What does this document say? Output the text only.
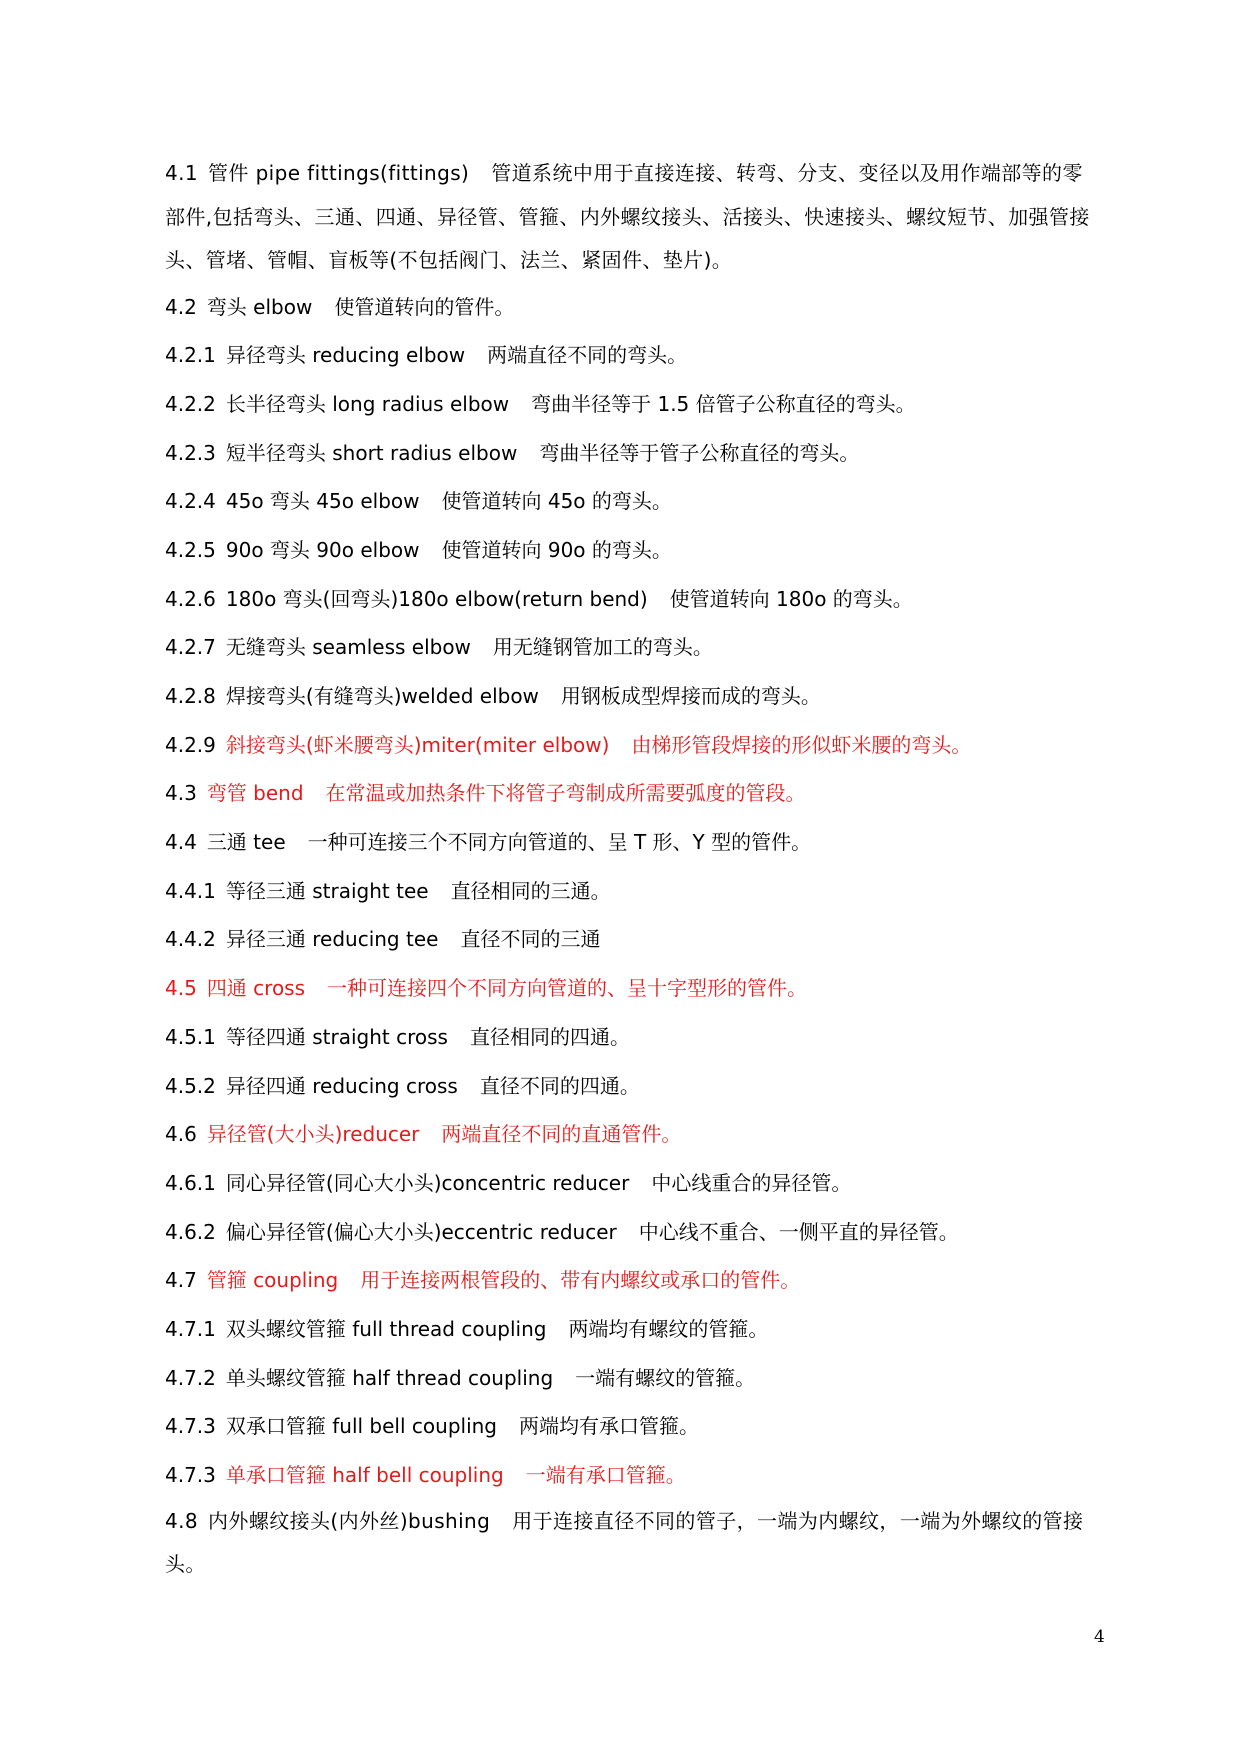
4.1 管件 pipe fittings(fittings) 管道系统中用于直接连接、转弯、分支、变径以及用作端部等的零部件,包括弯头、三通、四通、异径管、管箍、内外螺纹接头、活接头、快速接头、螺纹短节、加强管接头、管堵、管帽、盲板等(不包括阀门、法兰、紧固件、垫片)。
4.2 弯头 elbow 使管道转向的管件。
4.2.1 异径弯头 reducing elbow 两端直径不同的弯头。
4.2.2 长半径弯头 long radius elbow 弯曲半径等于 1.5 倍管子公称直径的弯头。
4.2.3 短半径弯头 short radius elbow 弯曲半径等于管子公称直径的弯头。
4.2.4 45o 弯头 45o elbow 使管道转向 45o 的弯头。
4.2.5 90o 弯头 90o elbow 使管道转向 90o 的弯头。
4.2.6 180o 弯头(回弯头)180o elbow(return bend) 使管道转向 180o 的弯头。
4.2.7 无缝弯头 seamless elbow 用无缝钢管加工的弯头。
4.2.8 焊接弯头(有缝弯头)welded elbow 用钢板成型焊接而成的弯头。
4.2.9 斜接弯头(虾米腰弯头)miter(miter elbow) 由梯形管段焊接的形似虾米腰的弯头。
4.3 弯管 bend 在常温或加热条件下将管子弯制成所需要弧度的管段。
4.4 三通 tee 一种可连接三个不同方向管道的、呈 T 形、Y 型的管件。
4.4.1 等径三通 straight tee 直径相同的三通。
4.4.2 异径三通 reducing tee 直径不同的三通
4.5 四通 cross 一种可连接四个不同方向管道的、呈十字型形的管件。
4.5.1 等径四通 straight cross 直径相同的四通。
4.5.2 异径四通 reducing cross 直径不同的四通。
4.6 异径管(大小头)reducer 两端直径不同的直通管件。
4.6.1 同心异径管(同心大小头)concentric reducer 中心线重合的异径管。
4.6.2 偏心异径管(偏心大小头)eccentric reducer 中心线不重合、一侧平直的异径管。
4.7 管箍 coupling 用于连接两根管段的、带有内螺纹或承口的管件。
4.7.1 双头螺纹管箍 full thread coupling 两端均有螺纹的管箍。
4.7.2 单头螺纹管箍 half thread coupling 一端有螺纹的管箍。
4.7.3 双承口管箍 full bell coupling 两端均有承口管箍。
4.7.3 单承口管箍 half bell coupling 一端有承口管箍。
4.8 内外螺纹接头(内外丝)bushing 用于连接直径不同的管子，一端为内螺纹，一端为外螺纹的管接头。
4
